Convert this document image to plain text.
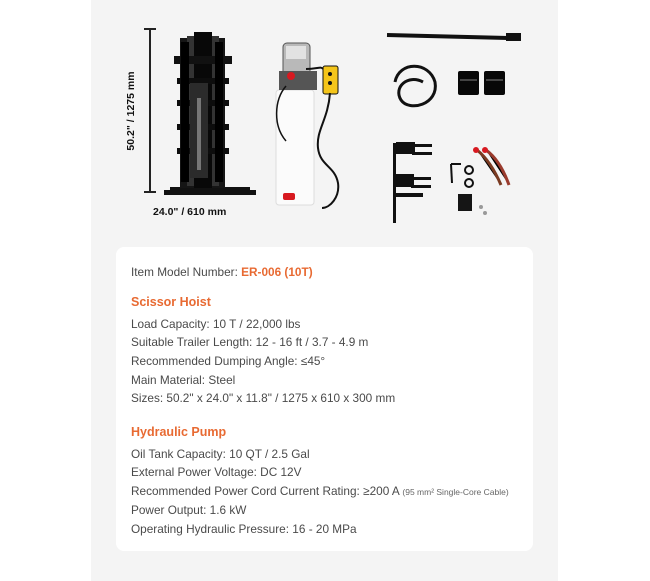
50.2" / 1275 mm
24.0" / 610 mm
Item Model Number: ER-006 (10T)
Scissor Hoist
Load Capacity: 10 T / 22,000 lbs
Suitable Trailer Length: 12 - 16 ft / 3.7 - 4.9 m
Recommended Dumping Angle: ≤45°
Main Material: Steel
Sizes: 50.2" x 24.0" x 11.8" / 1275 x 610 x 300 mm
Hydraulic Pump
Oil Tank Capacity: 10 QT / 2.5 Gal
External Power Voltage: DC 12V
Recommended Power Cord Current Rating: ≥200 A (95 mm² Single-Core Cable)
Power Output: 1.6 kW
Operating Hydraulic Pressure: 16 - 20 MPa
